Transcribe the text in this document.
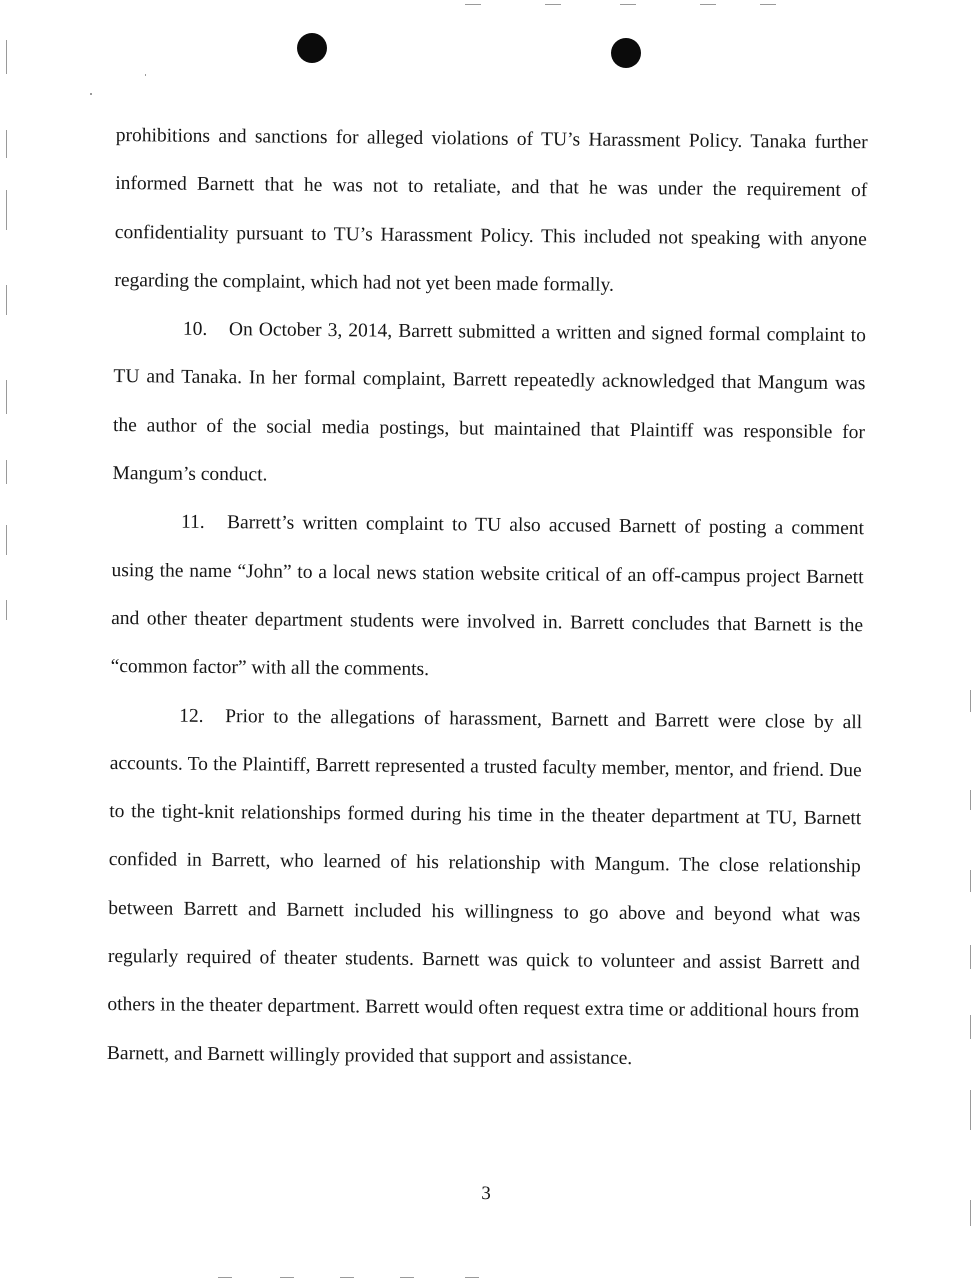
prohibitions and sanctions for alleged violations of TU’s Harassment Policy. Tanaka further informed Barnett that he was not to retaliate, and that he was under the requirement of confidentiality pursuant to TU’s Harassment Policy. This included not speaking with anyone regarding the complaint, which had not yet been made formally.

10. On October 3, 2014, Barrett submitted a written and signed formal complaint to TU and Tanaka. In her formal complaint, Barrett repeatedly acknowledged that Mangum was the author of the social media postings, but maintained that Plaintiff was responsible for Mangum’s conduct.

11. Barrett’s written complaint to TU also accused Barnett of posting a comment using the name “John” to a local news station website critical of an off-campus project Barnett and other theater department students were involved in. Barrett concludes that Barnett is the “common factor” with all the comments.

12. Prior to the allegations of harassment, Barnett and Barrett were close by all accounts. To the Plaintiff, Barrett represented a trusted faculty member, mentor, and friend. Due to the tight-knit relationships formed during his time in the theater department at TU, Barnett confided in Barrett, who learned of his relationship with Mangum. The close relationship between Barrett and Barnett included his willingness to go above and beyond what was regularly required of theater students. Barnett was quick to volunteer and assist Barrett and others in the theater department. Barrett would often request extra time or additional hours from Barnett, and Barnett willingly provided that support and assistance.

3
